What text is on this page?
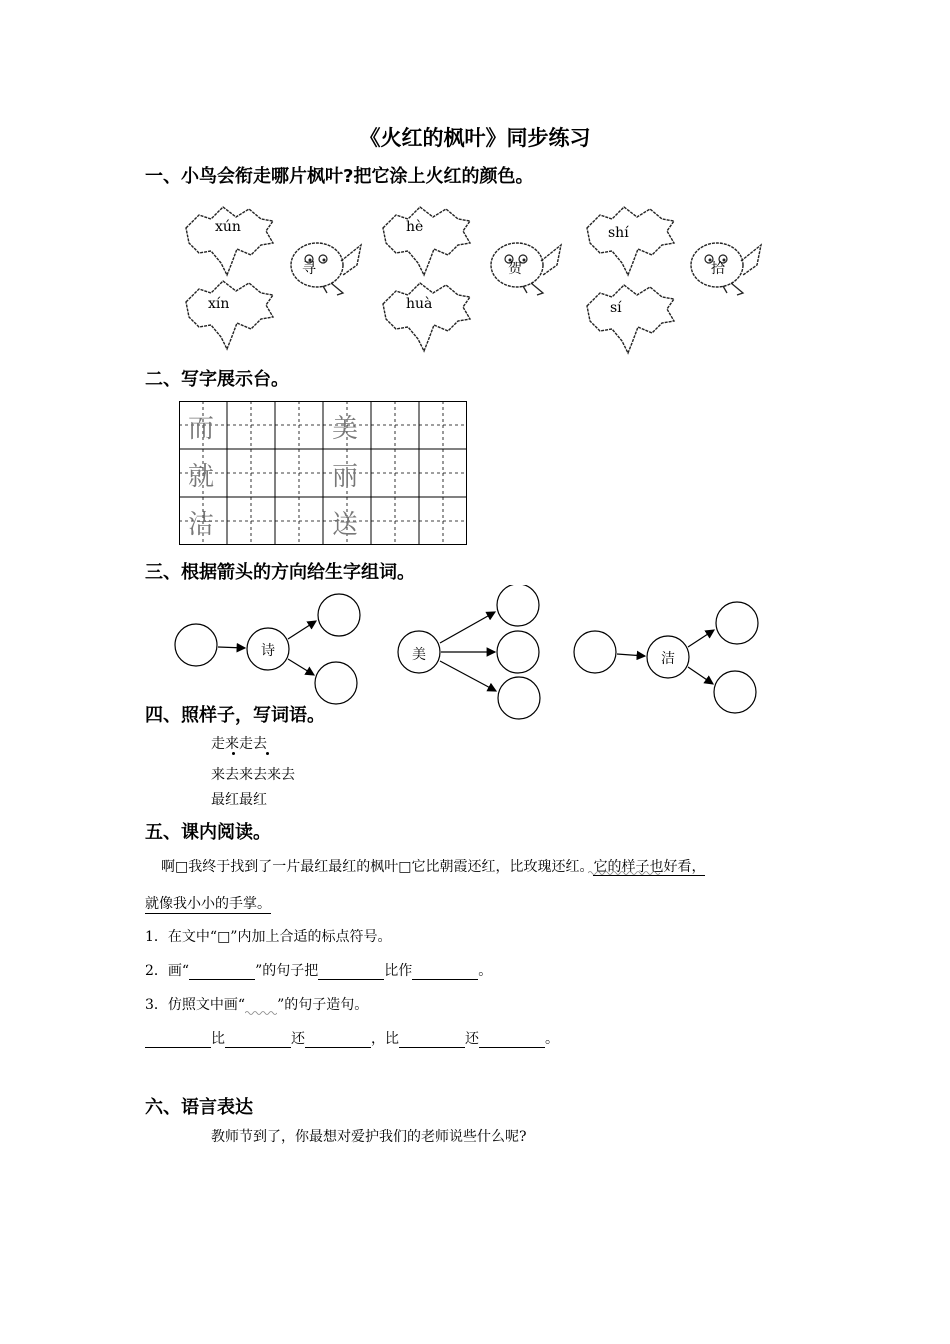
《火红的枫叶》同步练习
一、小鸟会衔走哪片枫叶?把它涂上火红的颜色。
xún
xín
寻
hè
huà
贺
shí
sí
拾
二、写字展示台。
而	美
就	丽
洁	送
三、根据箭头的方向给生字组词。
诗	美	洁
四、照样子，写词语。
走来走去
来去来去来去
最红最红
五、课内阅读。
啊□我终于找到了一片最红最红的枫叶□它比朝霞还红，比玫瑰还红。它的样子也好看，
就像我小小的手掌。
1．在文中“□”内加上合适的标点符号。
2．画“	”的句子把	比作	。
3．仿照文中画“ ”的句子造句。
比	还	，比	还	。
六、语言表达
教师节到了，你最想对爱护我们的老师说些什么呢?
